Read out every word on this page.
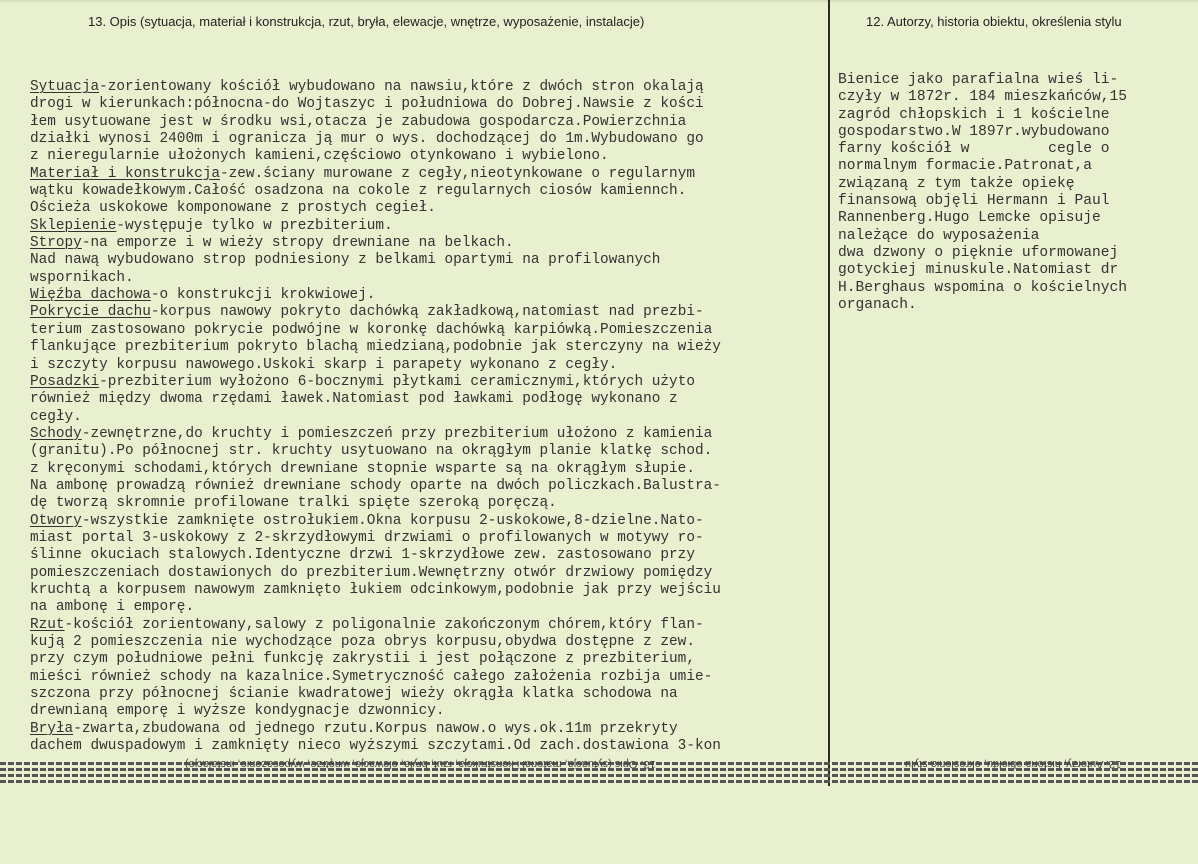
13. Opis (sytuacja, materiał i konstrukcja, rzut, bryła, elewacje, wnętrze, wyposażenie, instalacje)	12. Autorzy, historia obiektu, określenia stylu
Sytuacja-zorientowany kościół wybudowano na nawsiu,które z dwóch stron okalają
drogi w kierunkach:północna-do Wojtaszyc i południowa do Dobrej.Nawsie z kości
łem usytuowane jest w środku wsi,otacza je zabudowa gospodarcza.Powierzchnia
działki wynosi 2400m i ogranicza ją mur o wys. dochodzącej do 1m.Wybudowano go
z nieregularnie ułożonych kamieni,częściowo otynkowano i wybielono.
Materiał i konstrukcja-zew.ściany murowane z cegły,nieotynkowane o regularnym
wątku kowadełkowym.Całość osadzona na cokole z regularnych ciosów kamiennch.
Ościeża uskokowe komponowane z prostych cegieł.
Sklepienie-występuje tylko w prezbiterium.
Stropy-na emporze i w wieży stropy drewniane na belkach.
Nad nawą wybudowano strop podniesiony z belkami opartymi na profilowanych
wspornikach.
Więźba dachowa-o konstrukcji krokwiowej.
Pokrycie dachu-korpus nawowy pokryto dachówką zakładkową,natomiast nad prezbi-
terium zastosowano pokrycie podwójne w koronkę dachówką karpiówką.Pomieszczenia
flankujące prezbiterium pokryto blachą miedzianą,podobnie jak sterczyny na wieży
i szczyty korpusu nawowego.Uskoki skarp i parapety wykonano z cegły.
Posadzki-prezbiterium wyłożono 6-bocznymi płytkami ceramicznymi,których użyto
również między dwoma rzędami ławek.Natomiast pod ławkami podłogę wykonano z
cegły.
Schody-zewnętrzne,do kruchty i pomieszczeń przy prezbiterium ułożono z kamienia
(granitu).Po północnej str. kruchty usytuowano na okrągłym planie klatkę schod.
z kręconymi schodami,których drewniane stopnie wsparte są na okrągłym słupie.
Na ambonę prowadzą również drewniane schody oparte na dwóch policzkach.Balustra-
dę tworzą skromnie profilowane tralki spięte szeroką poręczą.
Otwory-wszystkie zamknięte ostrołukiem.Okna korpusu 2-uskokowe,8-dzielne.Nato-
miast portal 3-uskokowy z 2-skrzydłowymi drzwiami o profilowanych w motywy ro-
ślinne okuciach stalowych.Identyczne drzwi 1-skrzydłowe zew. zastosowano przy
pomieszczeniach dostawionych do prezbiterium.Wewnętrzny otwór drzwiowy pomiędzy
kruchtą a korpusem nawowym zamknięto łukiem odcinkowym,podobnie jak przy wejściu
na ambonę i emporę.
Rzut-kościół zorientowany,salowy z poligonalnie zakończonym chórem,który flan-
kują 2 pomieszczenia nie wychodzące poza obrys korpusu,obydwa dostępne z zew.
przy czym południowe pełni funkcję zakrystii i jest połączone z prezbiterium,
mieści również schody na kazalnice.Symetryczność całego założenia rozbija umie-
szczona przy północnej ścianie kwadratowej wieży okrągła klatka schodowa na
drewnianą emporę i wyższe kondygnacje dzwonnicy.
Bryła-zwarta,zbudowana od jednego rzutu.Korpus nawow.o wys.ok.11m przekryty
dachem dwuspadowym i zamknięty nieco wyższymi szczytami.Od zach.dostawiona 3-kon
Bienice jako parafialna wieś li-
czyły w 1872r. 184 mieszkańców,15
zagród chłopskich i 1 kościelne
gospodarstwo.W 1897r.wybudowano
farny kościół w         cegle o
normalnym formacie.Patronat,a
związaną z tym także opiekę
finansową objęli Hermann i Paul
Rannenberg.Hugo Lemcke opisuje
należące do wyposażenia
dwa dzwony o pięknie uformowanej
gotyckiej minuskule.Natomiast dr
H.Berghaus wspomina o kościelnych
organach.
13. Opis (sytuacja, materiał i konstrukcja, rzut, bryła, elewacje, wnętrze, wyposażenie, instalacje)	12. Autorzy, historia obiektu, określenia stylu
